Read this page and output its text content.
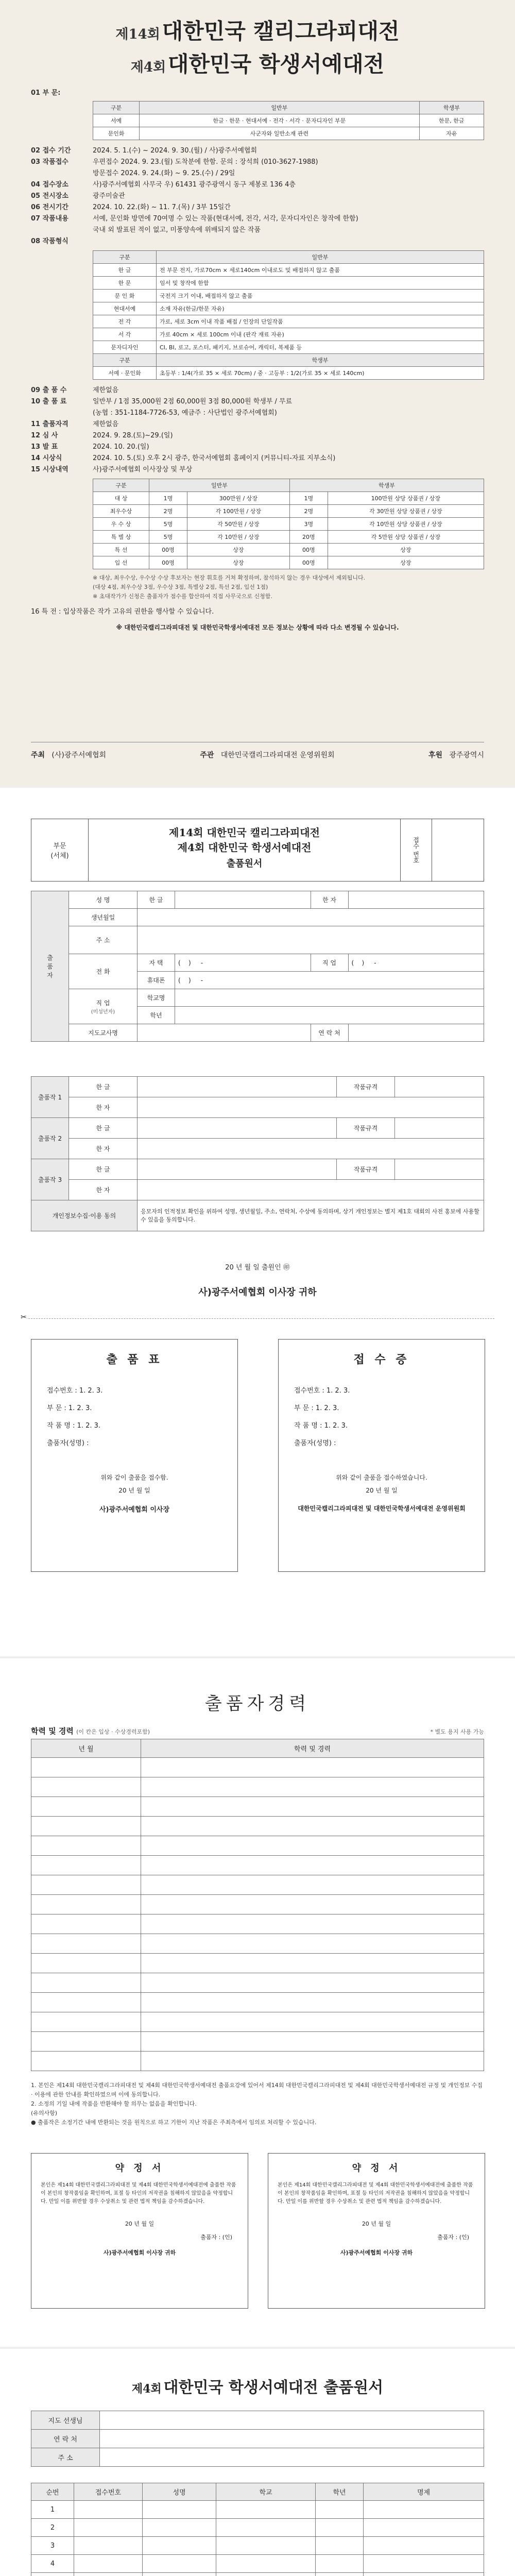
제14회 대한민국 캘리그라피대전
제4회 대한민국 학생서예대전
01 부 문:
구분	일반부	학생부
서예	한글 · 한문 · 현대서예 · 전각 · 서각 · 문자디자인 부문	한문, 한글
문인화	사군자와 일반소재 관련	자유
02 접수 기간	2024. 5. 1.(수) ~ 2024. 9. 30.(월) / 사)광주서예협회
03 작품접수	우편접수 2024. 9. 23.(월) 도착분에 한함. 문의 : 장석희 (010-3627-1988)
방문접수 2024. 9. 24.(화) ~ 9. 25.(수) / 29일
04 접수장소	사)광주서예협회 사무국 우) 61431 광주광역시 동구 제봉로 136 4층
05 전시장소	광주미술관
06 전시기간	2024. 10. 22.(화) ~ 11. 7.(목) / 3부 15일간
07 작품내용	서예, 문인화 방면에 70여명 수 있는 작품(현대서예, 전각, 서각, 문자디자인은 창작에 한함)
국내 외 발표된 적이 없고, 미풍양속에 위배되지 않은 작품
08 작품형식
구분	일반부
한 글	전 부문 전지, 가로70cm × 세로140cm 이내로도 및 배접하지 않고 출품
한 문	임서 및 창작에 한함
문 인 화	국전지 크기 이내, 배접하지 않고 출품
현대서예	소재 자유(한글/한문 자유)
전 각	가로, 세로 3cm 이내 작품 배접 / 인장의 단일작품
서 각	가로 40cm × 세로 100cm 이내 (판각 재료 자유)
문자디자인	CI, BI, 로고, 포스터, 패키지, 브로슈어, 캐릭터, 복제품 등
구분	학생부
서예 · 문인화	초등부 : 1/4(가로 35 × 세로 70cm) / 중 · 고등부 : 1/2(가로 35 × 세로 140cm)
09 출 품 수	제한없음
10 출 품 료	일반부 / 1점 35,000원 2점 60,000원 3점 80,000원 학생부 / 무료
(농협 : 351-1184-7726-53, 예금주 : 사단법인 광주서예협회)
11 출품자격	제한없음
12 심 사	2024. 9. 28.(토)~29.(일)
13 발 표	2024. 10. 20.(일)
14 시상식	2024. 10. 5.(토) 오후 2시 광주, 한국서예협회 홈페이지 (커뮤니티-자료 지부소식)
15 시상내역	사)광주서예협회 이사장상 및 부상
구분	일반부		학생부	
대 상	1명	300만원 / 상장	1명	100만원 상당 상품권 / 상장
최우수상	2명	각 100만원 / 상장	2명	각 30만원 상당 상품권 / 상장
우 수 상	5명	각 50만원 / 상장	3명	각 10만원 상당 상품권 / 상장
특 별 상	5명	각 10만원 / 상장	20명	각 5만원 상당 상품권 / 상장
특 선	00명	상장	00명	상장
입 선	00명	상장	00명	상장
※ 대상, 최우수상, 우수상 수상 후보자는 현장 휘호를 거쳐 확정하며, 참석하지 않는 경우 대상에서 제외됩니다.
(대상 4점, 최우수상 3점, 우수상 3점, 특별상 2점, 특선 2점, 입선 1점)
※ 초대작가가 신청은 출품자가 점수를 합산하여 직접 사무국으로 신청함.
16 특 전 : 입상작품은 작가 고유의 권한을 행사할 수 있습니다.
※ 대한민국캘리그라피대전 및 대한민국학생서예대전 모든 정보는 상황에 따라 다소 변경될 수 있습니다.
주최 (사)광주서예협회	주관 대한민국캘리그라피대전 운영위원회	후원 광주광역시
부문
(서체)
제14회 대한민국 캘리그라피대전
제4회 대한민국 학생서예대전
출품원서
접수 번호
출
품
자	성 명	한 글		한 자	
	생년월일				
	주 소				
	전 화	자 택	(    )     -	직 업	(    )     -
		휴대폰	(    )     -		
	직 업
(미성년자)	학교명			
		학년			
	지도교사명			연 락 처	
출품작 1	한 글		작품규격	
	한 자			
출품작 2	한 글		작품규격	
	한 자			
출품작 3	한 글		작품규격	
	한 자			
개인정보수집·이용 동의		응모자의 인적정보 확인을 위하여 성명, 생년월일, 주소, 연락처, 수상에 동의하며, 상기 개인정보는 별지 제1호 대회의 사전 홍보에 사용할 수 있음을 동의합니다.		
20 년 월 일 출원인 ㊞
사)광주서예협회 이사장 귀하
✂
출 품 표
접수번호 : 1. 2. 3.
부 문 : 1. 2. 3.
작 품 명 : 1. 2. 3.
출품자(성명) :
위와 같이 출품을 접수함.
20 년 월 일
사)광주서예협회 이사장
접 수 증
접수번호 : 1. 2. 3.
부 문 : 1. 2. 3.
작 품 명 : 1. 2. 3.
출품자(성명) :
위와 같이 출품을 접수하였습니다.
20 년 월 일
대한민국캘리그라피대전 및 대한민국학생서예대전 운영위원회
출품자경력
학력 및 경력 (이 칸은 입상 · 수상경력포함)	* 별도 용지 사용 가능
년 월	학력 및 경력

1. 본인은 제14회 대한민국캘리그라피대전 및 제4회 대한민국학생서예대전 출품요강에 있어서 제14회 대한민국캘리그라피대전 및 제4회 대한민국학생서예대전 규정 및 개인정보 수집 · 이용에 관한 안내를 확인하였으며 이에 동의합니다.
2. 소정의 기일 내에 작품을 반환해야 할 의무는 없음을 확인합니다.
(유의사항)
● 출품작은 소정기간 내에 반환되는 것을 원칙으로 하고 기한이 지난 작품은 주최측에서 임의로 처리할 수 있습니다.
약 정 서
본인은 제14회 대한민국캘리그라피대전 및 제4회 대한민국학생서예대전에 출품한 작품이 본인의 창작품임을 확인하며, 표절 등 타인의 저작권을 침해하지 않았음을 약정합니다. 만일 이를 위반할 경우 수상취소 및 관련 법적 책임을 감수하겠습니다.
20 년 월 일
출품자 : (인)
사)광주서예협회 이사장 귀하
약 정 서
본인은 제14회 대한민국캘리그라피대전 및 제4회 대한민국학생서예대전에 출품한 작품이 본인의 창작품임을 확인하며, 표절 등 타인의 저작권을 침해하지 않았음을 약정합니다. 만일 이를 위반할 경우 수상취소 및 관련 법적 책임을 감수하겠습니다.
20 년 월 일
출품자 : (인)
사)광주서예협회 이사장 귀하
제4회 대한민국 학생서예대전 출품원서
지도 선생님	
연 락 처	
주 소	
순번	접수번호	성명	학교	학년	명제
1					
2					
3					
4					
